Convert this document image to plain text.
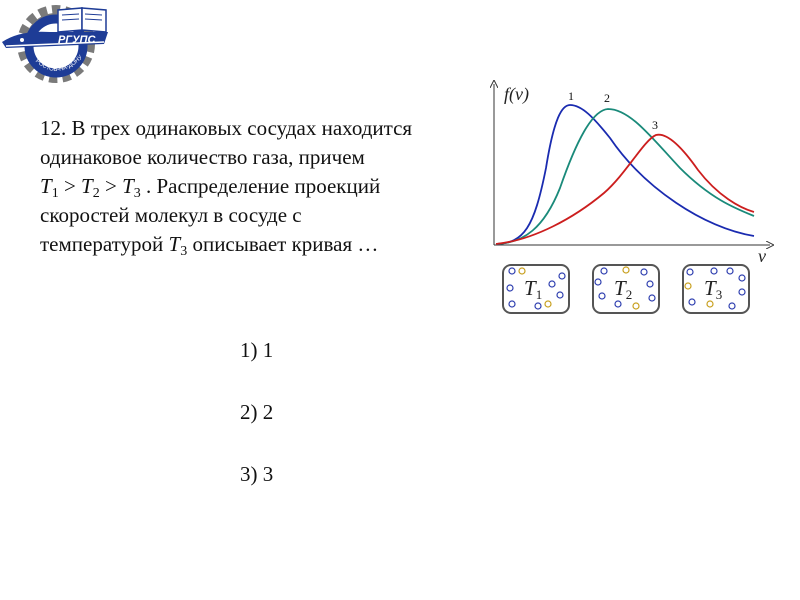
РГУПС
РОСТОВ-НА-ДОНУ
12. В трех одинаковых сосудах находится
одинаковое количество газа, причем
$T_1 > T_2 > T_3$ . Распределение проекций
скоростей молекул в сосуде с
температурой $T_3$ описывает кривая …
f(v)
v
1	2
3
$T_1$	$T_2$	$T_3$
1) 1
2) 2
3) 3
